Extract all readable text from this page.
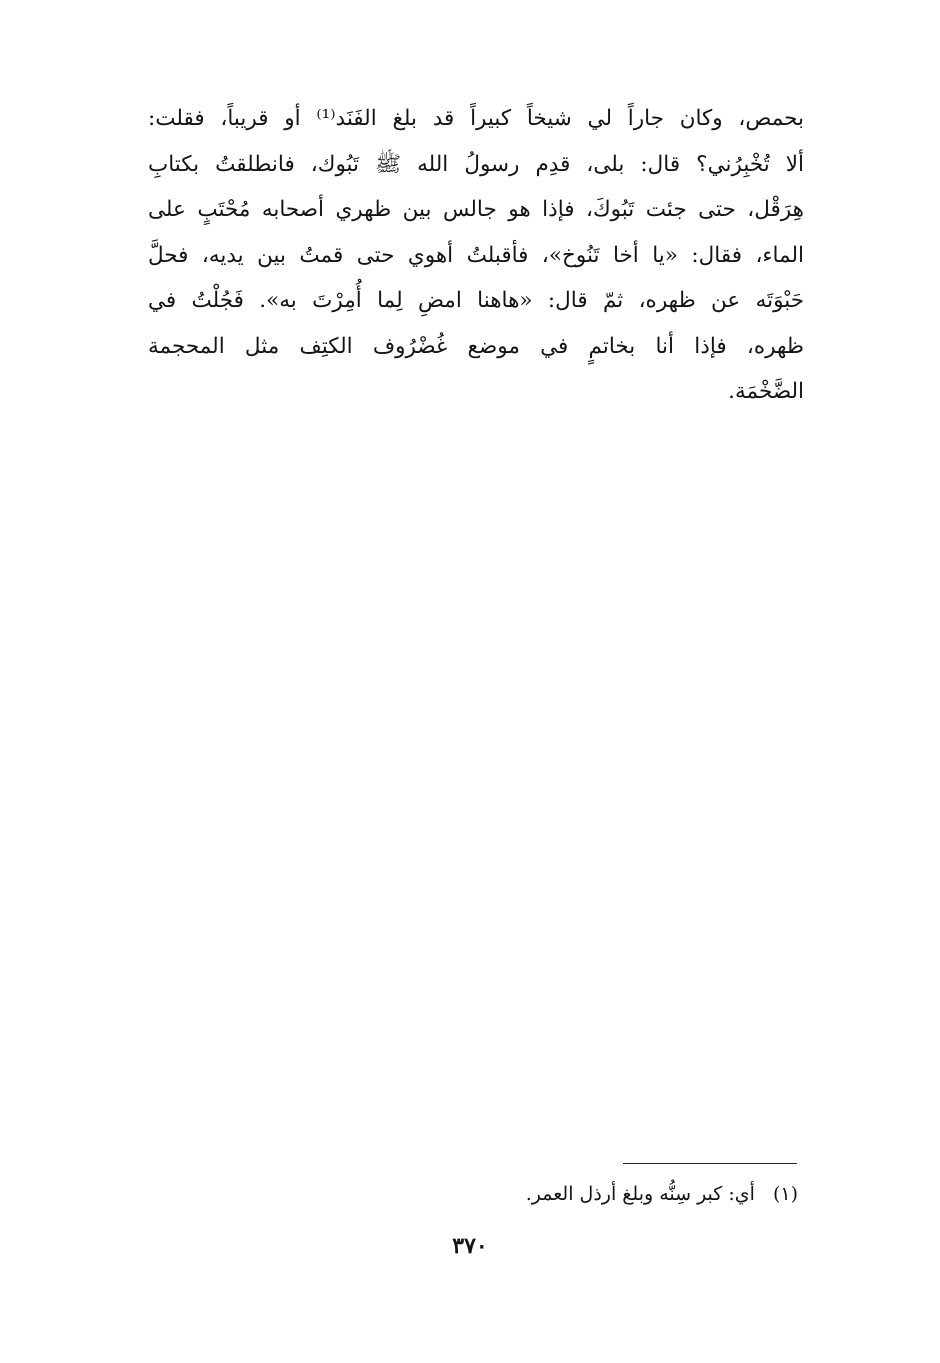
بحمص، وكان جاراً لي شيخاً كبيراً قد بلغ الفَنَد⁽¹⁾ أو قريباً، فقلت:
ألا تُخْبِرُني؟ قال: بلى، قدِم رسولُ الله ﷺ تَبُوك، فانطلقتُ بكتابِ
هِرَقْل، حتى جئت تَبُوكَ، فإذا هو جالس بين ظهري أصحابه مُحْتَبٍ على
الماء، فقال: «يا أخا تَنُوخ»، فأقبلتُ أهوي حتى قمتُ بين يديه، فحلَّ
حَبْوَتَه عن ظهره، ثمّ قال: «هاهنا امضِ لِما أُمِرْتَ به». فَجُلْتُ في
ظهره، فإذا أنا بخاتمٍ في موضع غُضْرُوف الكتِف مثل المحجمة
الضَّخْمَة.
(١)أي: كبر سِنُّه وبلغ أرذل العمر.
٣٧٠
